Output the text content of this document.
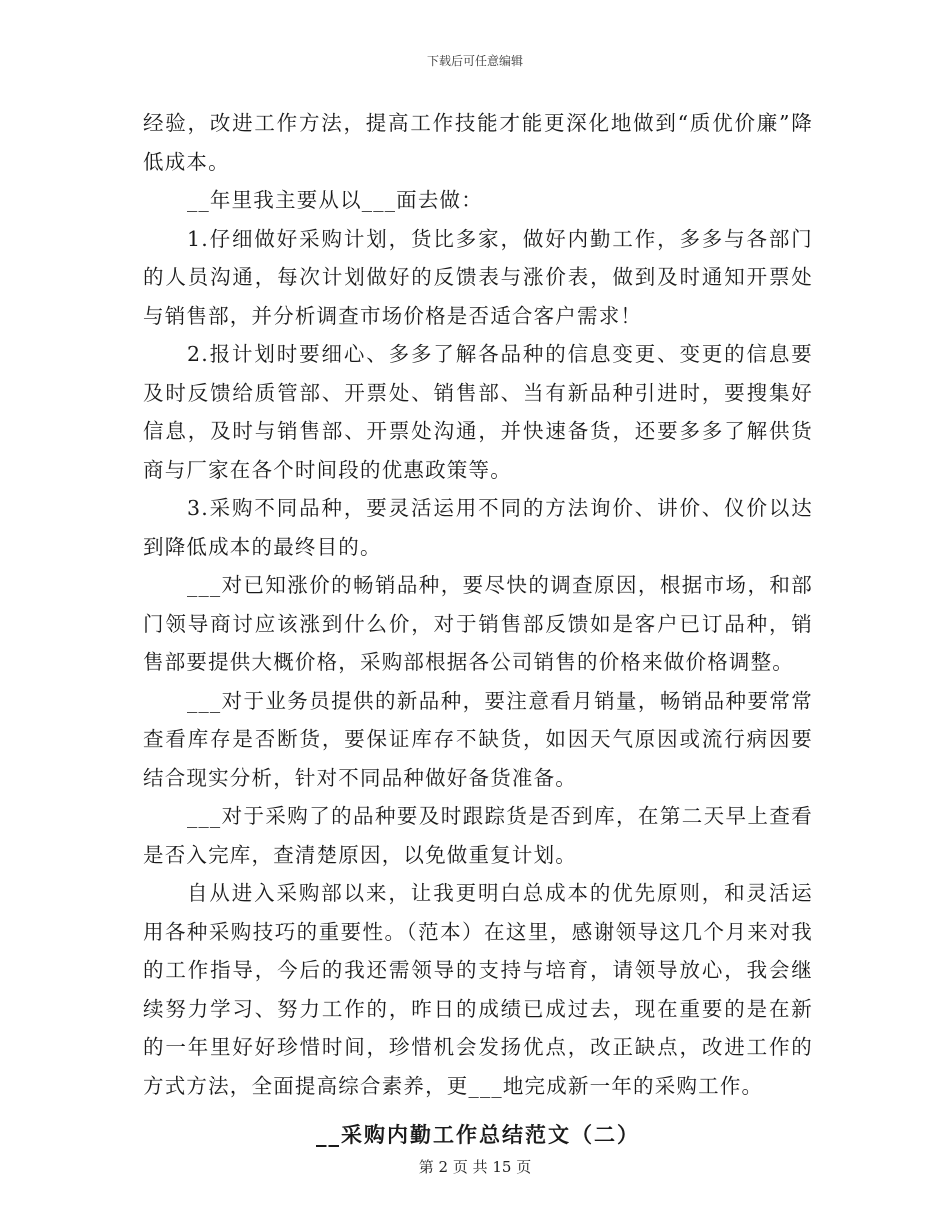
下载后可任意编辑

经验，改进工作方法，提高工作技能才能更深化地做到“质优价廉”降低成本。

__年里我主要从以___面去做：

1.仔细做好采购计划，货比多家，做好内勤工作，多多与各部门的人员沟通，每次计划做好的反馈表与涨价表，做到及时通知开票处与销售部，并分析调查市场价格是否适合客户需求！

2.报计划时要细心、多多了解各品种的信息变更、变更的信息要及时反馈给质管部、开票处、销售部、当有新品种引进时，要搜集好信息，及时与销售部、开票处沟通，并快速备货，还要多多了解供货商与厂家在各个时间段的优惠政策等。

3.采购不同品种，要灵活运用不同的方法询价、讲价、仪价以达到降低成本的最终目的。

___对已知涨价的畅销品种，要尽快的调查原因，根据市场，和部门领导商讨应该涨到什么价，对于销售部反馈如是客户已订品种，销售部要提供大概价格，采购部根据各公司销售的价格来做价格调整。

___对于业务员提供的新品种，要注意看月销量，畅销品种要常常查看库存是否断货，要保证库存不缺货，如因天气原因或流行病因要结合现实分析，针对不同品种做好备货准备。

___对于采购了的品种要及时跟踪货是否到库，在第二天早上查看是否入完库，查清楚原因，以免做重复计划。

自从进入采购部以来，让我更明白总成本的优先原则，和灵活运用各种采购技巧的重要性。（范本）在这里，感谢领导这几个月来对我的工作指导，今后的我还需领导的支持与培育，请领导放心，我会继续努力学习、努力工作的，昨日的成绩已成过去，现在重要的是在新的一年里好好珍惜时间，珍惜机会发扬优点，改正缺点，改进工作的方式方法，全面提高综合素养，更___地完成新一年的采购工作。

__采购内勤工作总结范文（二）

第 2 页 共 15 页
